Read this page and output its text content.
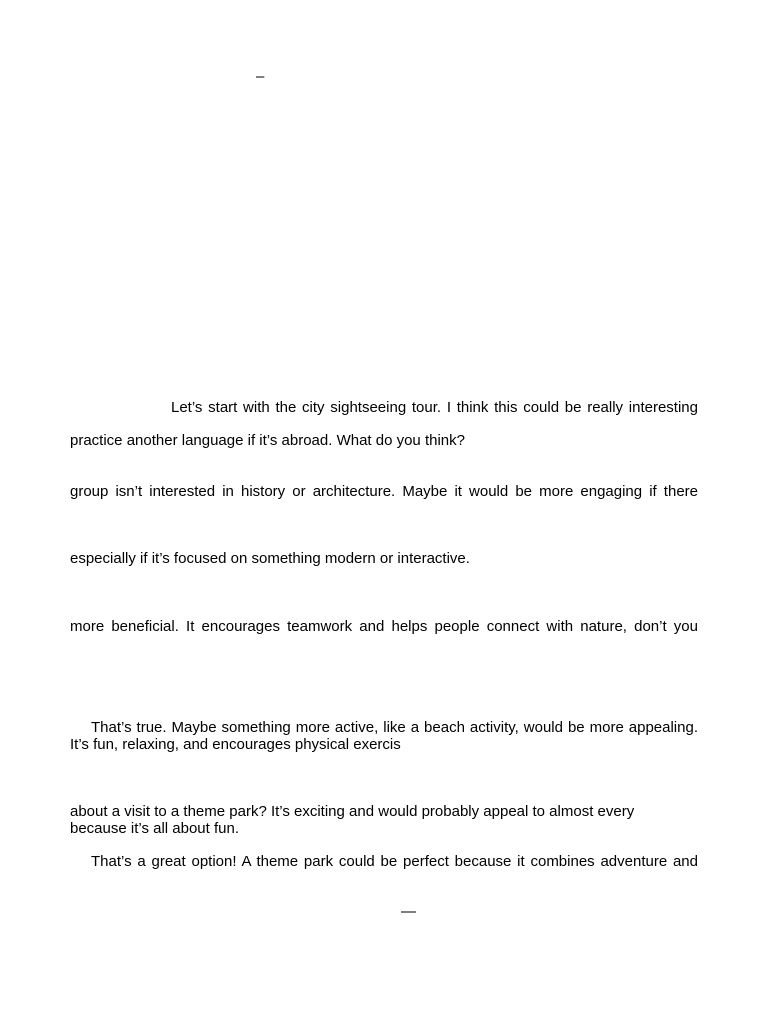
–
Let’s start with the city sightseeing tour. I think this could be really interesting
practice another language if it’s abroad. What do you think?
group isn’t interested in history or architecture. Maybe it would be more engaging if there
especially if it’s focused on something modern or interactive.
more beneficial. It encourages teamwork and helps people connect with nature, don’t you
That’s true. Maybe something more active, like a beach activity, would be more appealing.
It’s fun, relaxing, and encourages physical exercis
about a visit to a theme park? It’s exciting and would probably appeal to almost every
because it’s all about fun.
That’s a great option! A theme park could be perfect because it combines adventure and
—
